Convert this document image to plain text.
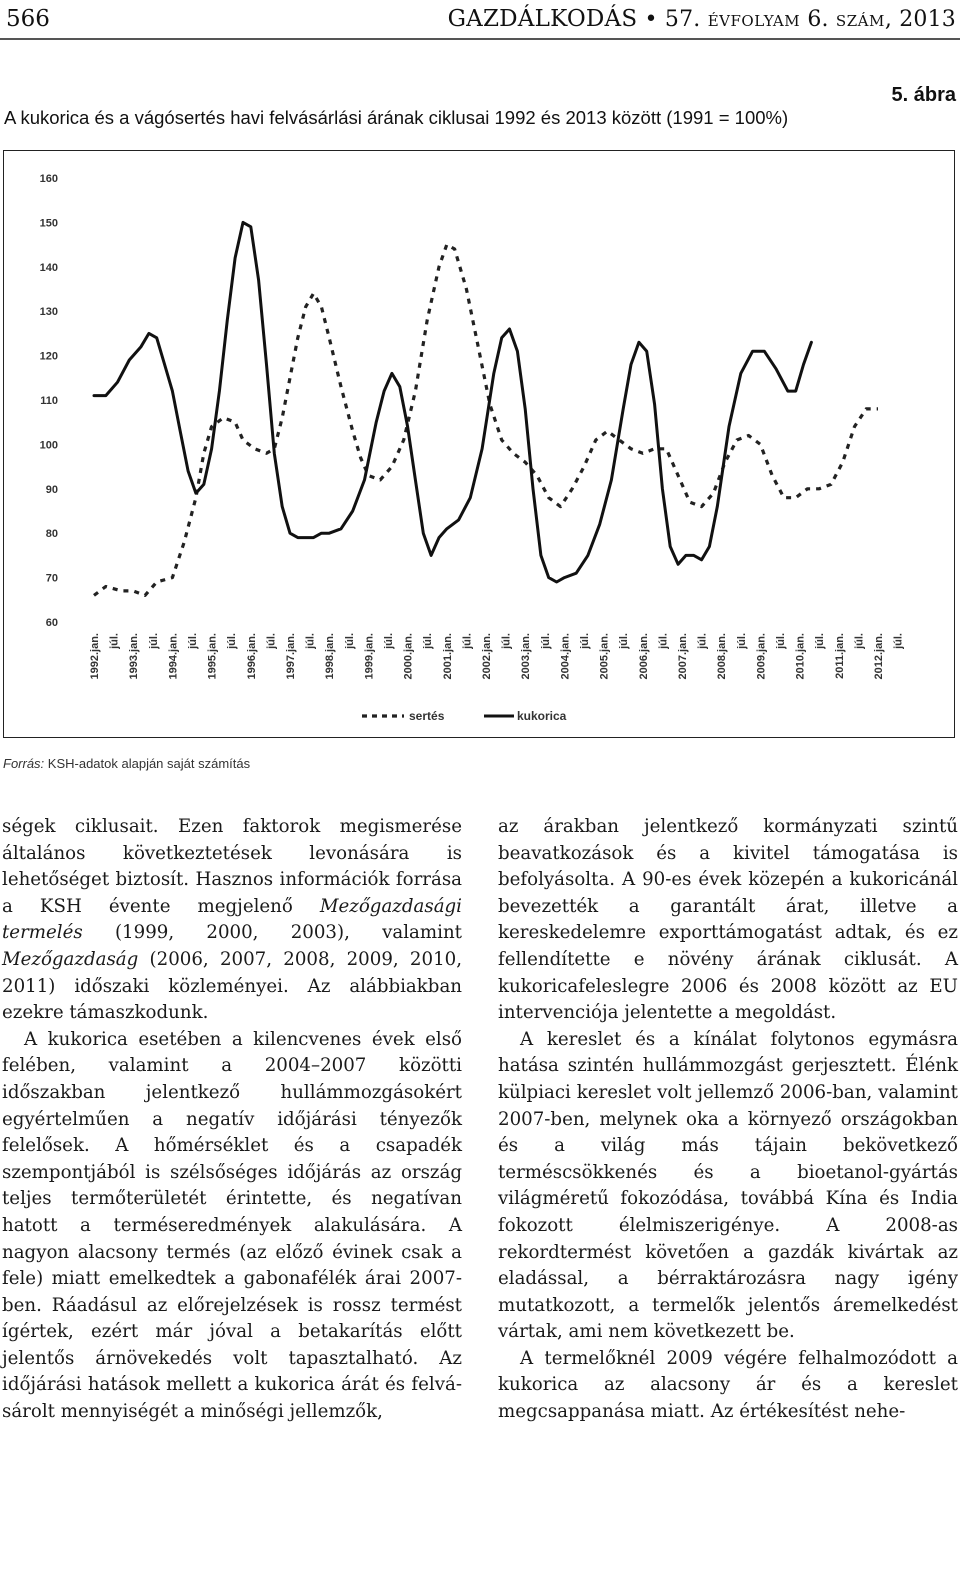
566	GAZDÁLKODÁS • 57. ÉVFOLYAM 6. SZÁM, 2013
5. ábra
A kukorica és a vágósertés havi felvásárlási árának ciklusai 1992 és 2013 között (1991 = 100%)
160
150
140
130
120
110
100
90
80
70
60
1992.jan. júl. 1993.jan. júl. 1994.jan. júl. 1995.jan. júl. 1996.jan. júl. 1997.jan. júl. 1998.jan. júl. 1999.jan. júl. 2000.jan. júl. 2001.jan. júl. 2002.jan. júl. 2003.jan. júl. 2004.jan. júl. 2005.jan. júl. 2006.jan. júl. 2007.jan. júl. 2008.jan. júl. 2009.jan. júl. 2010.jan. júl. 2011.jan. júl. 2012.jan. júl.
sertés	kukorica
Forrás: KSH-adatok alapján saját számítás

ségek ciklusait. Ezen faktorok megismerése általános következtetések levonására is lehetőséget biztosít. Hasznos információk forrása a KSH évente megjelenő Mezőgazdasági termelés (1999, 2000, 2003), valamint Mezőgazdaság (2006, 2007, 2008, 2009, 2010, 2011) időszaki közleményei. Az alábbiakban ezekre támaszkodunk.

A kukorica esetében a kilencvenes évek első felében, valamint a 2004–2007 közötti időszakban jelentkező hullámmozgásokért egyértelműen a negatív időjárási tényezők felelősek. A hőmérséklet és a csapadék szempontjából is szélsőséges időjárás az ország teljes termőterületét érintette, és negatívan hatott a terméseredmények alakulására. A nagyon alacsony termés (az előző évinek csak a fele) miatt emelkedtek a gabonafélék árai 2007-ben. Ráadásul az előrejelzések is rossz termést ígértek, ezért már jóval a betakarítás előtt jelentős árnövekedés volt tapasztalható. Az időjárási hatások mellett a kukorica árát és felvásárolt mennyiségét a minőségi jellemzők,

az árakban jelentkező kormányzati szintű beavatkozások és a kivitel támogatása is befolyásolta. A 90-es évek közepén a kukoricánál bevezették a garantált árat, illetve a kereskedelemre exporttámogatást adtak, és ez fellendítette e növény árának ciklusát. A kukoricafeleslegre 2006 és 2008 között az EU intervenciója jelentette a megoldást.

A kereslet és a kínálat folytonos egymásra hatása szintén hullámmozgást gerjesztett. Élénk külpiaci kereslet volt jellemző 2006-ban, valamint 2007-ben, melynek oka a környező országokban és a világ más tájain bekövetkező terméscsökkenés és a bioetanol-gyártás világméretű fokozódása, továbbá Kína és India fokozott élelmiszerigénye. A 2008-as rekordtermést követően a gazdák kivártak az eladással, a bérraktározásra nagy igény mutatkozott, a termelők jelentős áremelkedést vártak, ami nem következett be.

A termelőknél 2009 végére felhalmozódott a kukorica az alacsony ár és a kereslet megcsappanása miatt. Az értékesítést nehe-
